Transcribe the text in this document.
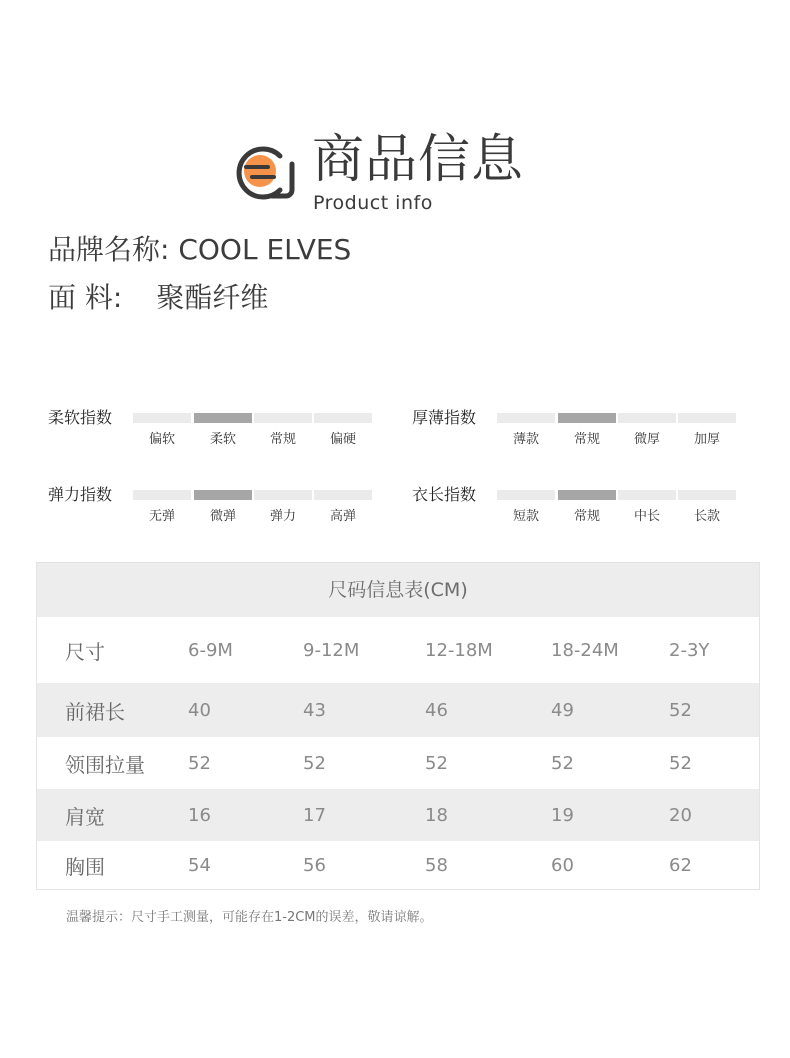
商品信息
Product info
品牌名称: COOL ELVES
面 料: 聚酯纤维
柔软指数
偏软	柔软	常规	偏硬
厚薄指数
薄款	常规	微厚	加厚
弹力指数
无弹	微弹	弹力	高弹
衣长指数
短款	常规	中长	长款
尺码信息表(CM)
尺寸	6-9M	9-12M	12-18M	18-24M	2-3Y
前裙长	40	43	46	49	52
领围拉量 52	52	52	52	52
肩宽	16	17	18	19	20
胸围	54	56	58	60	62
温馨提示：尺寸手工测量，可能存在1-2CM的误差，敬请谅解。
